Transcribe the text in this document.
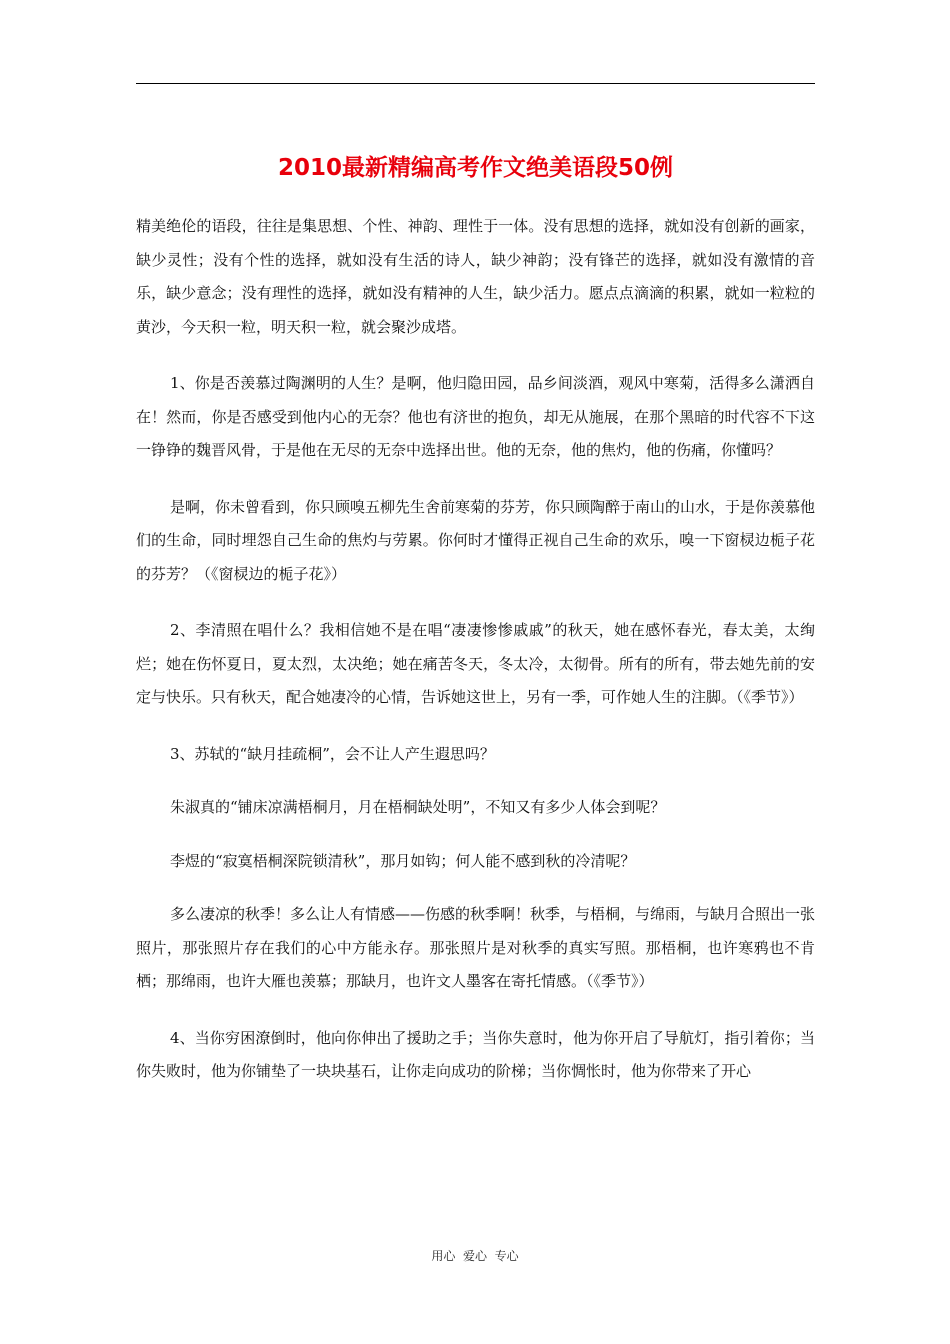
2010最新精编高考作文绝美语段50例

精美绝伦的语段，往往是集思想、个性、神韵、理性于一体。没有思想的选择，就如没有创新的画家，缺少灵性；没有个性的选择，就如没有生活的诗人，缺少神韵；没有锋芒的选择，就如没有激情的音乐，缺少意念；没有理性的选择，就如没有精神的人生，缺少活力。愿点点滴滴的积累，就如一粒粒的黄沙，今天积一粒，明天积一粒，就会聚沙成塔。

1、你是否羡慕过陶渊明的人生？是啊，他归隐田园，品乡间淡酒，观风中寒菊，活得多么潇洒自在！然而，你是否感受到他内心的无奈？他也有济世的抱负，却无从施展，在那个黑暗的时代容不下这一铮铮的魏晋风骨，于是他在无尽的无奈中选择出世。他的无奈，他的焦灼，他的伤痛，你懂吗？

是啊，你未曾看到，你只顾嗅五柳先生舍前寒菊的芬芳，你只顾陶醉于南山的山水，于是你羡慕他们的生命，同时埋怨自己生命的焦灼与劳累。你何时才懂得正视自己生命的欢乐，嗅一下窗棂边栀子花的芬芳？（《窗棂边的栀子花》）

2、李清照在唱什么？我相信她不是在唱“凄凄惨惨戚戚”的秋天，她在感怀春光，春太美，太绚烂；她在伤怀夏日，夏太烈，太决绝；她在痛苦冬天，冬太冷，太彻骨。所有的所有，带去她先前的安定与快乐。只有秋天，配合她凄冷的心情，告诉她这世上，另有一季，可作她人生的注脚。（《季节》）

3、苏轼的“缺月挂疏桐”，会不让人产生遐思吗？

朱淑真的“铺床凉满梧桐月，月在梧桐缺处明”，不知又有多少人体会到呢？

李煜的“寂寞梧桐深院锁清秋”，那月如钩；何人能不感到秋的冷清呢？

多么凄凉的秋季！多么让人有情感——伤感的秋季啊！秋季，与梧桐，与绵雨，与缺月合照出一张照片，那张照片存在我们的心中方能永存。那张照片是对秋季的真实写照。那梧桐，也许寒鸦也不肯栖；那绵雨，也许大雁也羡慕；那缺月，也许文人墨客在寄托情感。（《季节》）

4、当你穷困潦倒时，他向你伸出了援助之手；当你失意时，他为你开启了导航灯，指引着你；当你失败时，他为你铺垫了一块块基石，让你走向成功的阶梯；当你惆怅时，他为你带来了开心

用心  爱心  专心
